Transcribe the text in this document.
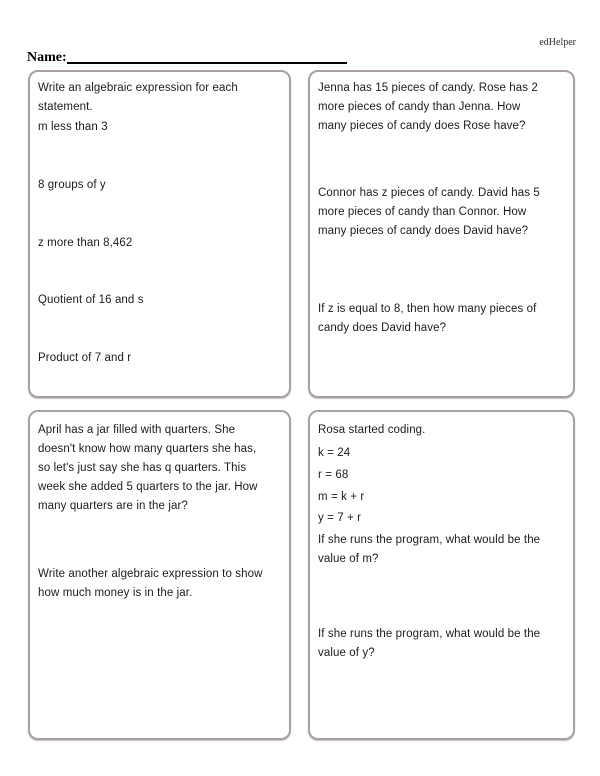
edHelper
Name:
Write an algebraic expression for each
statement.
m less than 3
8 groups of y
z more than 8,462
Quotient of 16 and s
Product of 7 and r
Jenna has 15 pieces of candy. Rose has 2
more pieces of candy than Jenna. How
many pieces of candy does Rose have?
Connor has z pieces of candy. David has 5
more pieces of candy than Connor. How
many pieces of candy does David have?
If z is equal to 8, then how many pieces of
candy does David have?
April has a jar filled with quarters. She
doesn't know how many quarters she has,
so let's just say she has q quarters. This
week she added 5 quarters to the jar. How
many quarters are in the jar?
Write another algebraic expression to show
how much money is in the jar.
Rosa started coding.
k = 24
r = 68
m = k + r
y = 7 + r
If she runs the program, what would be the
value of m?
If she runs the program, what would be the
value of y?
